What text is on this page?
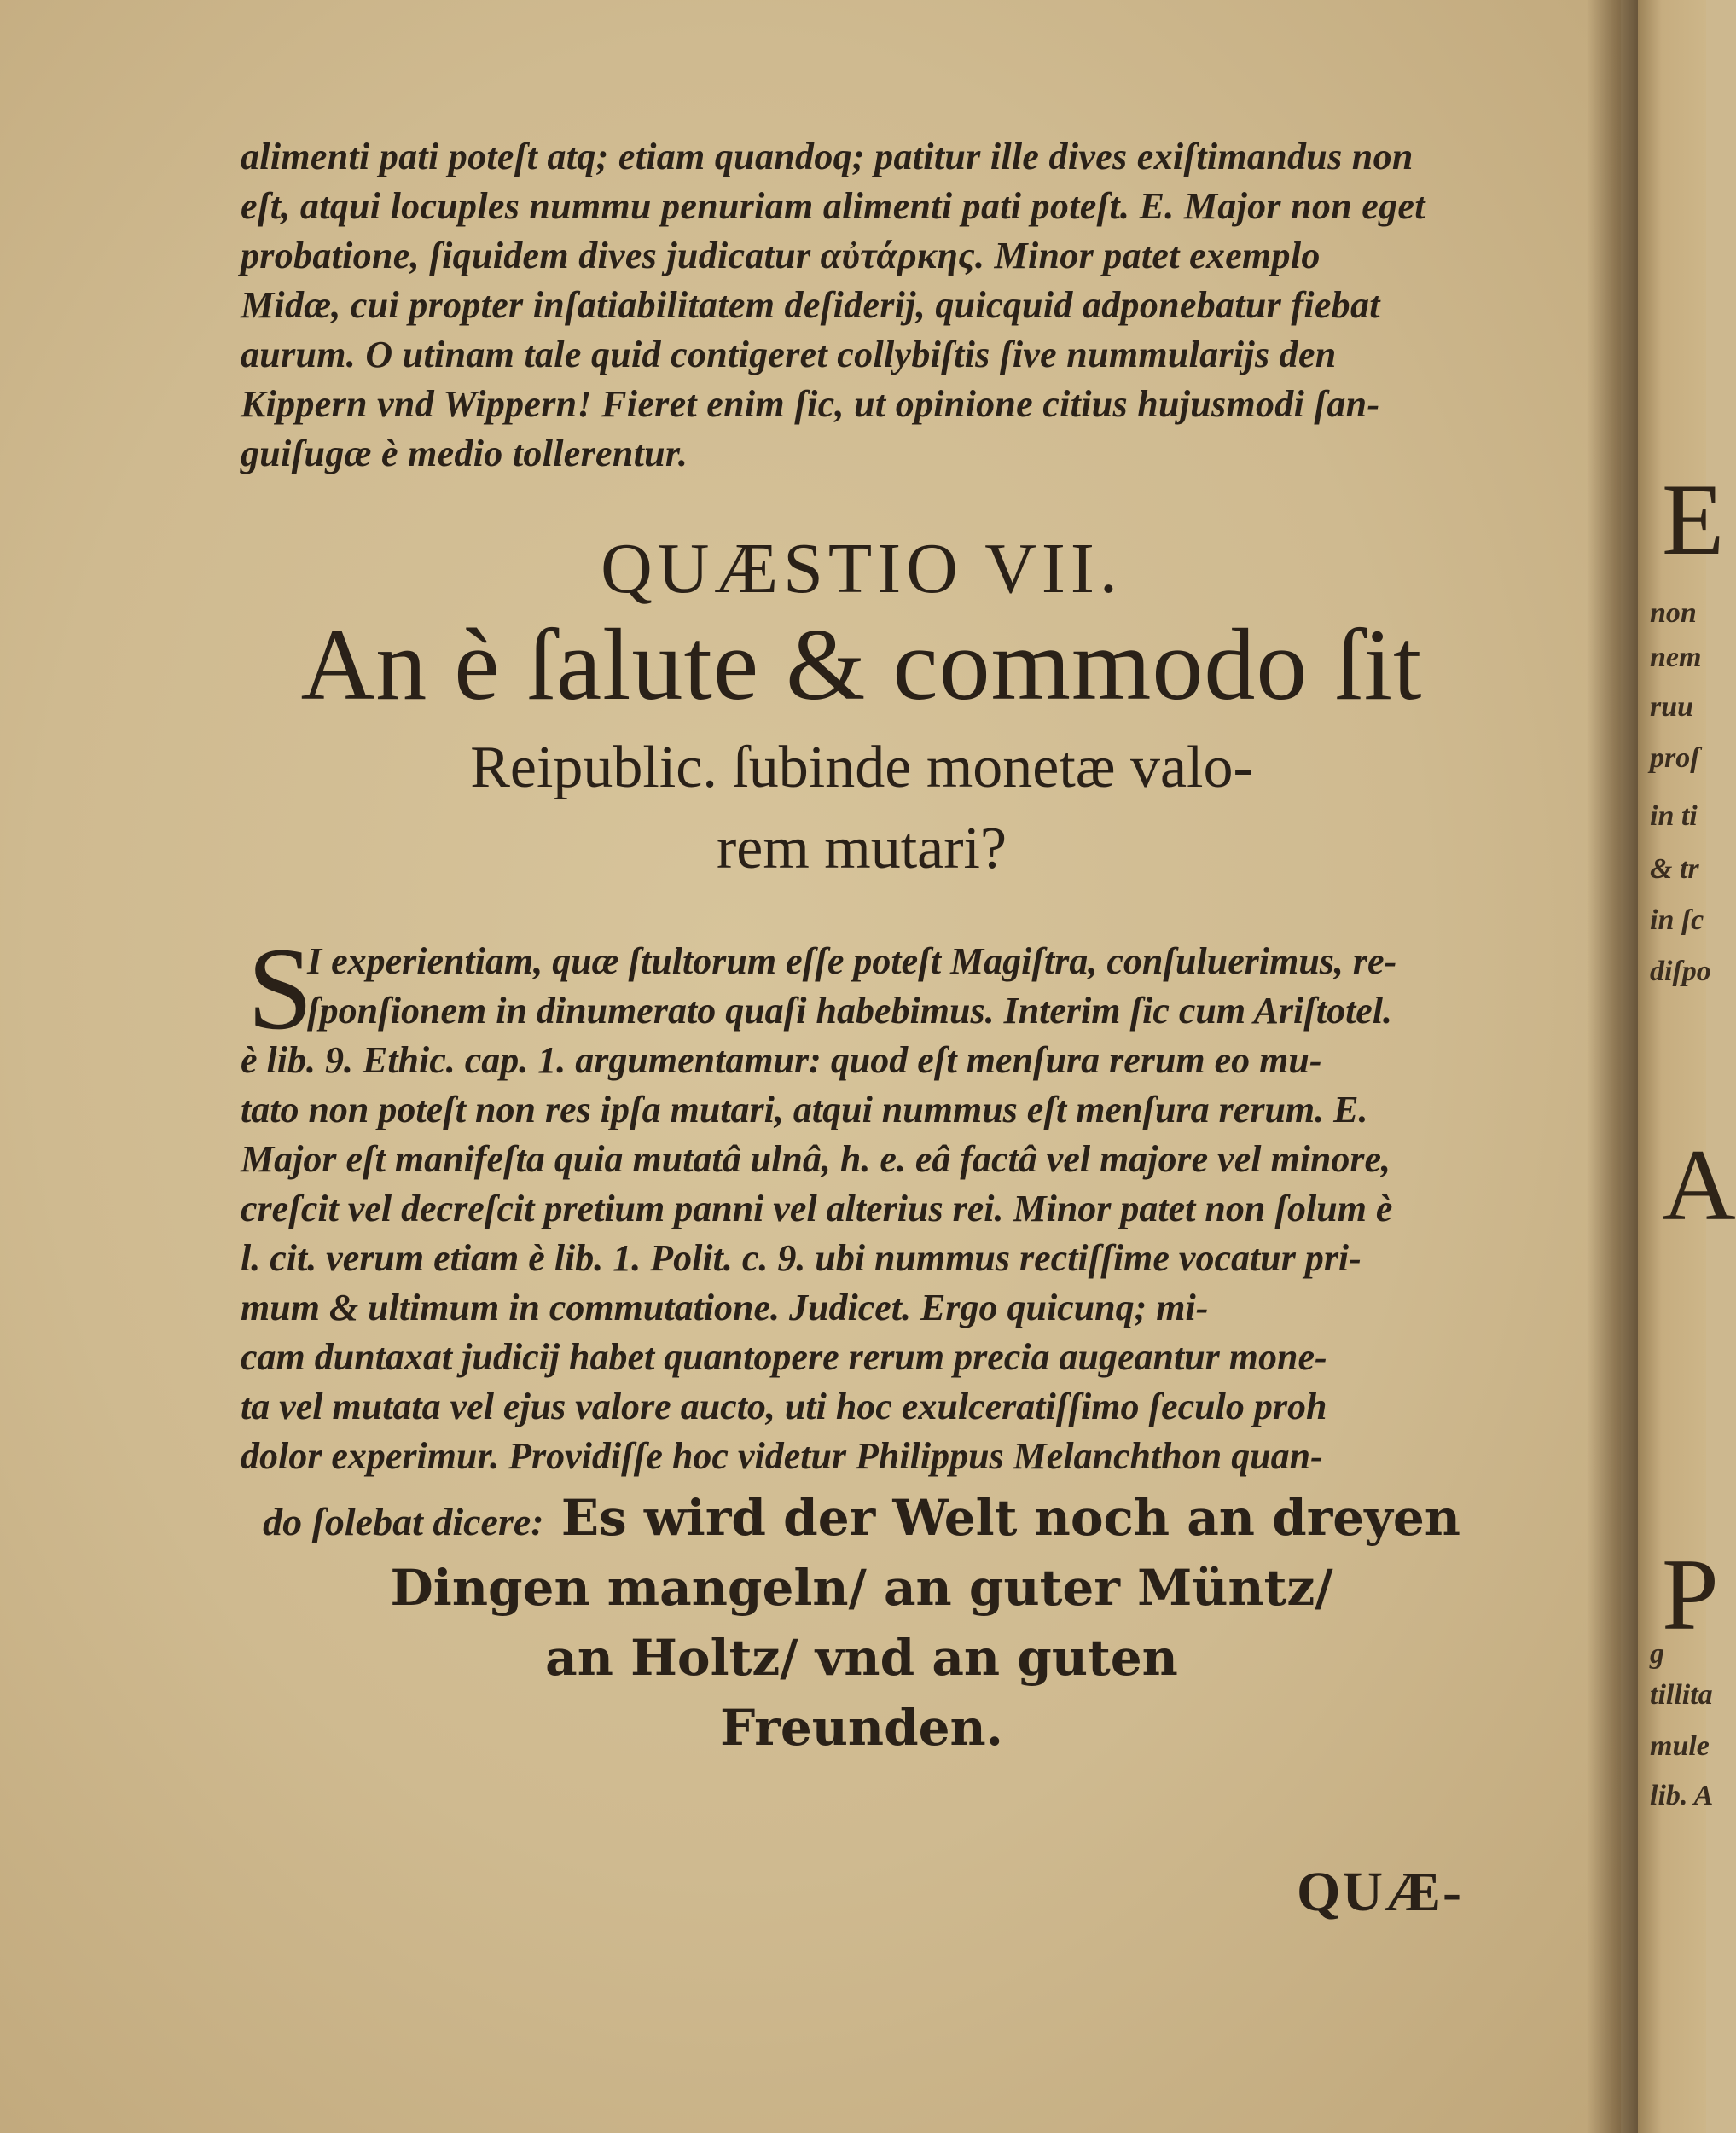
E
non
nem
ruu
proſ
in ti
& tr
in ſc
diſpo
A
P
g
tillita
mule
lib. A
alimenti pati poteſt atq; etiam quandoq; patitur ille dives exiſtimandus non
eſt, atqui locuples nummu penuriam alimenti pati poteſt. E. Major non eget
probatione, ſiquidem dives judicatur αὐτάρκης. Minor patet exemplo
Midæ, cui propter inſatiabilitatem deſiderij, quicquid adponebatur fiebat
aurum. O utinam tale quid contigeret collybiſtis ſive nummularijs den
Kippern vnd Wippern! Fieret enim ſic, ut opinione citius hujusmodi ſan-
guiſugæ è medio tollerentur.
QUÆSTIO VII.
An è ſalute & commodo ſit
Reipublic. ſubinde monetæ valo-
rem mutari?
S
I experientiam, quæ ſtultorum eſſe poteſt Magiſtra, conſuluerimus, re-
ſponſionem in dinumerato quaſi habebimus. Interim ſic cum Ariſtotel.
è lib. 9. Ethic. cap. 1. argumentamur: quod eſt menſura rerum eo mu-
tato non poteſt non res ipſa mutari, atqui nummus eſt menſura rerum. E.
Major eſt manifeſta quia mutatâ ulnâ, h. e. eâ factâ vel majore vel minore,
creſcit vel decreſcit pretium panni vel alterius rei. Minor patet non ſolum è
l. cit. verum etiam è lib. 1. Polit. c. 9. ubi nummus rectiſſime vocatur pri-
mum & ultimum in commutatione. Judicet. Ergo quicunq; mi-
cam duntaxat judicij habet quantopere rerum precia augeantur mone-
ta vel mutata vel ejus valore aucto, uti hoc exulceratiſſimo ſeculo proh
dolor experimur. Providiſſe hoc videtur Philippus Melanchthon quan-
do ſolebat dicere: Es wird der Welt noch an dreyen
Dingen mangeln/ an guter Müntz/
an Holtz/ vnd an guten
Freunden.
QUÆ-
